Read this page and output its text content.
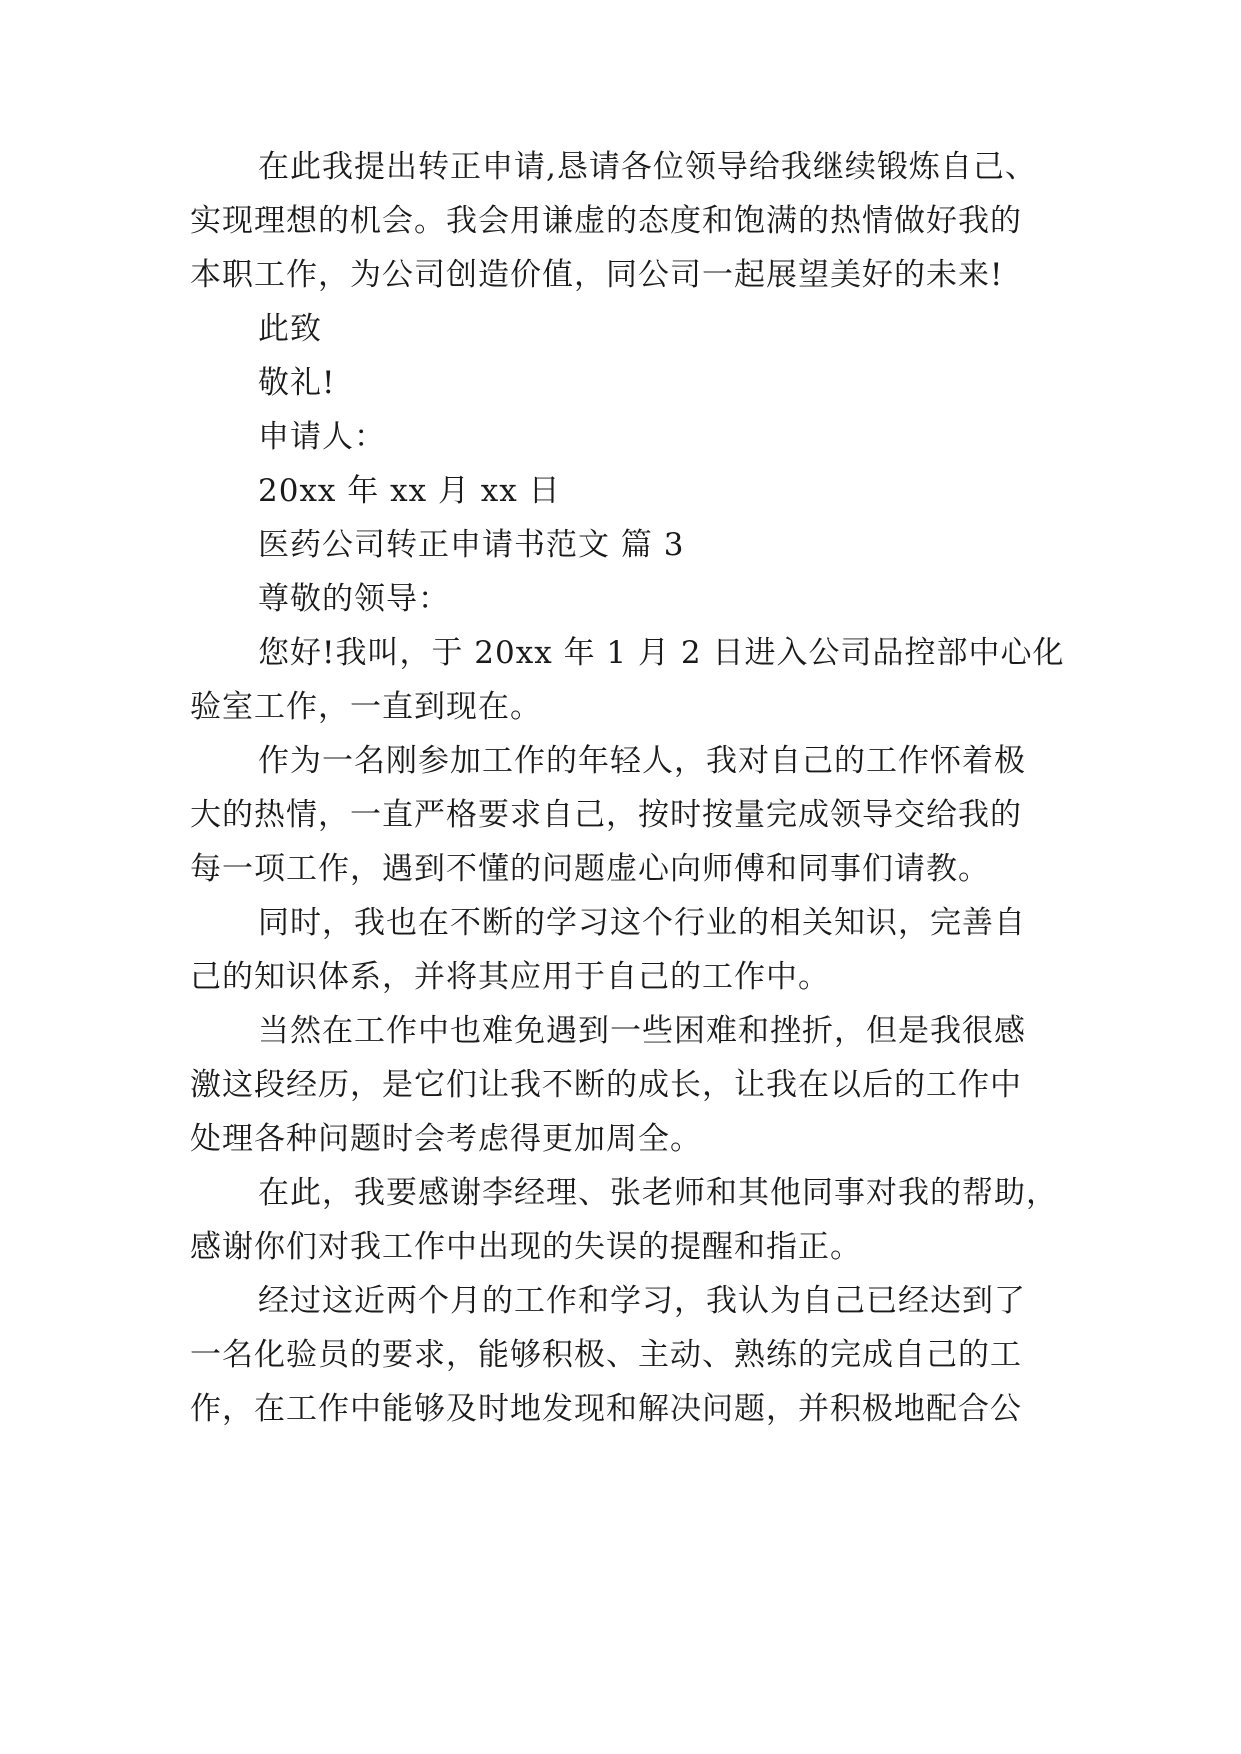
在此我提出转正申请,恳请各位领导给我继续锻炼自己、
实现理想的机会。我会用谦虚的态度和饱满的热情做好我的
本职工作，为公司创造价值，同公司一起展望美好的未来!
此致
敬礼!
申请人：
20xx 年 xx 月 xx 日
医药公司转正申请书范文 篇 3
尊敬的领导：
您好!我叫，于 20xx 年 1 月 2 日进入公司品控部中心化
验室工作，一直到现在。
作为一名刚参加工作的年轻人，我对自己的工作怀着极
大的热情，一直严格要求自己，按时按量完成领导交给我的
每一项工作，遇到不懂的问题虚心向师傅和同事们请教。
同时，我也在不断的学习这个行业的相关知识，完善自
己的知识体系，并将其应用于自己的工作中。
当然在工作中也难免遇到一些困难和挫折，但是我很感
激这段经历，是它们让我不断的成长，让我在以后的工作中
处理各种问题时会考虑得更加周全。
在此，我要感谢李经理、张老师和其他同事对我的帮助，
感谢你们对我工作中出现的失误的提醒和指正。
经过这近两个月的工作和学习，我认为自己已经达到了
一名化验员的要求，能够积极、主动、熟练的完成自己的工
作，在工作中能够及时地发现和解决问题，并积极地配合公
